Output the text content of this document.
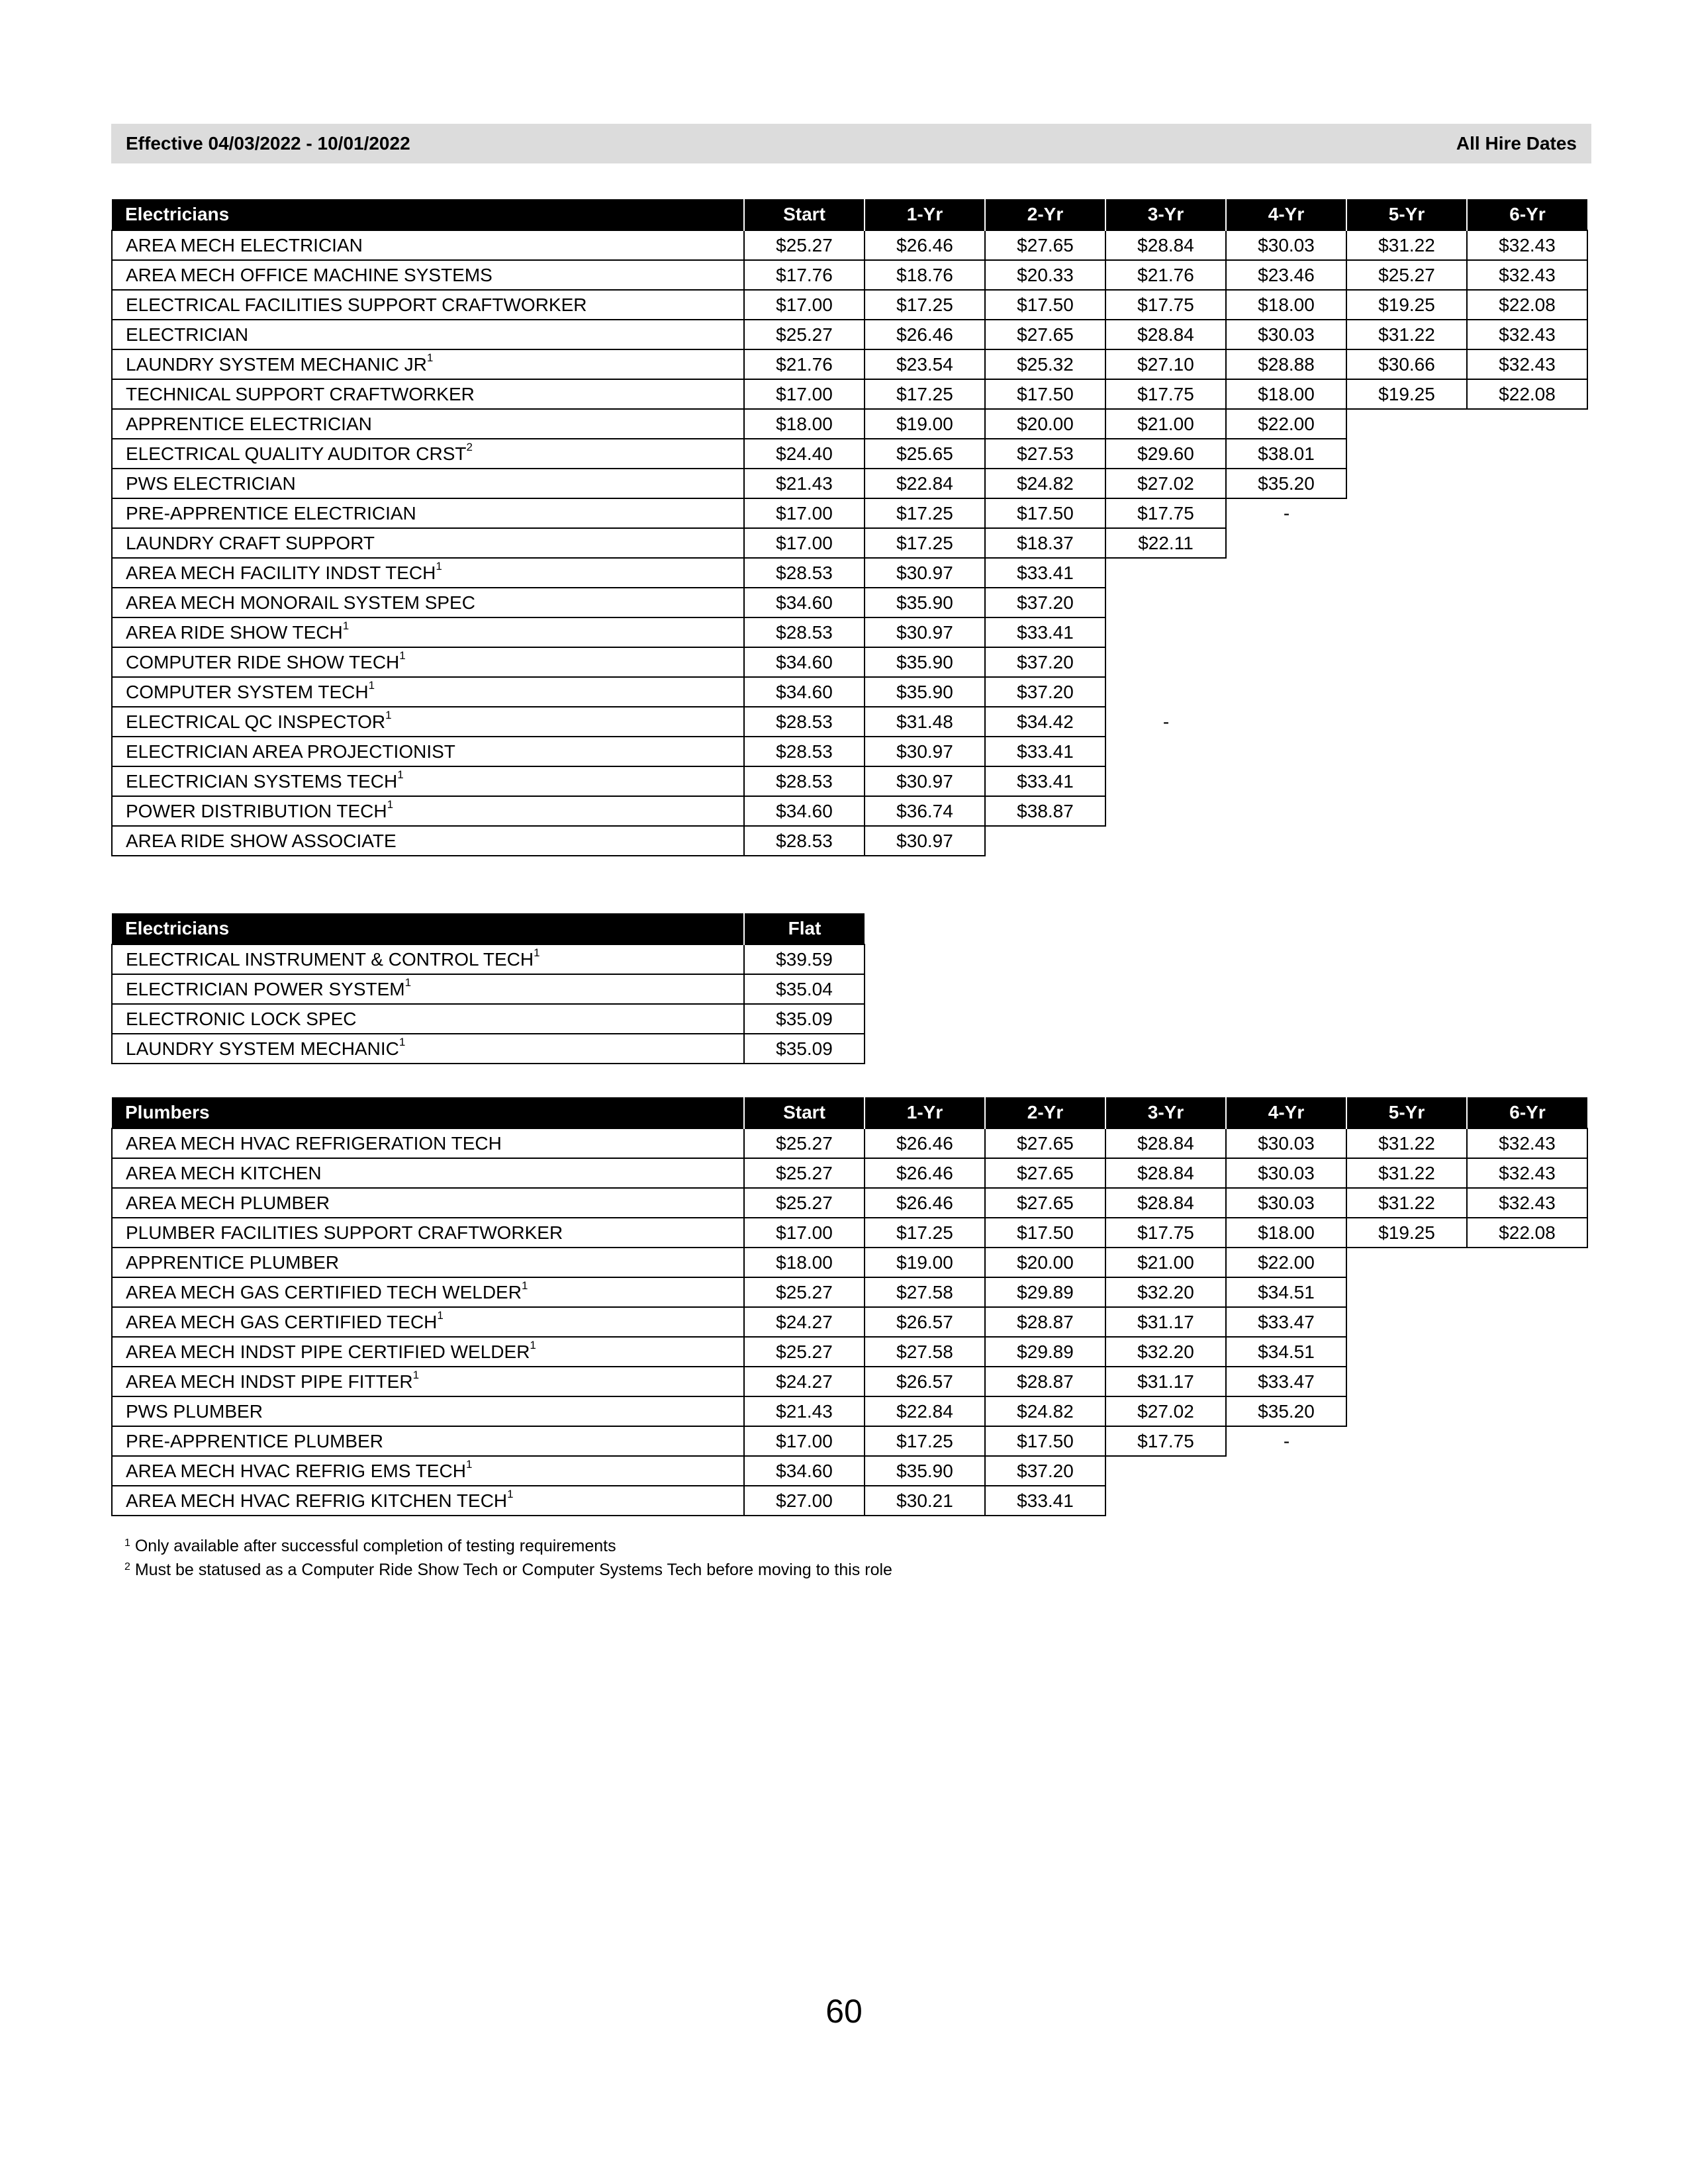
Effective 04/03/2022 - 10/01/2022	All Hire Dates
Electricians	Start	1-Yr	2-Yr	3-Yr	4-Yr	5-Yr	6-Yr
AREA MECH ELECTRICIAN	$25.27	$26.46	$27.65	$28.84	$30.03	$31.22	$32.43
AREA MECH OFFICE MACHINE SYSTEMS	$17.76	$18.76	$20.33	$21.76	$23.46	$25.27	$32.43
ELECTRICAL FACILITIES SUPPORT CRAFTWORKER	$17.00	$17.25	$17.50	$17.75	$18.00	$19.25	$22.08
ELECTRICIAN	$25.27	$26.46	$27.65	$28.84	$30.03	$31.22	$32.43
LAUNDRY SYSTEM MECHANIC $JR^1$	$21.76	$23.54	$25.32	$27.10	$28.88	$30.66	$32.43
TECHNICAL SUPPORT CRAFTWORKER	$17.00	$17.25	$17.50	$17.75	$18.00	$19.25	$22.08
APPRENTICE ELECTRICIAN	$18.00	$19.00	$20.00	$21.00	$22.00		
ELECTRICAL QUALITY AUDITOR CRST$^2$	$24.40	$25.65	$27.53	$29.60	$38.01		
PWS ELECTRICIAN	$21.43	$22.84	$24.82	$27.02	$35.20		
PRE-APPRENTICE ELECTRICIAN	$17.00	$17.25	$17.50	$17.75	-		
LAUNDRY CRAFT SUPPORT	$17.00	$17.25	$18.37	$22.11			
AREA MECH FACILITY INDST TECH$^1$	$28.53	$30.97	$33.41				
AREA MECH MONORAIL SYSTEM SPEC	$34.60	$35.90	$37.20				
AREA RIDE SHOW TECH$^1$	$28.53	$30.97	$33.41				
COMPUTER RIDE SHOW TECH$^1$	$34.60	$35.90	$37.20				
COMPUTER SYSTEM TECH$^1$	$34.60	$35.90	$37.20				
ELECTRICAL QC INSPECTOR$^1$	$28.53	$31.48	$34.42	-			
ELECTRICIAN AREA PROJECTIONIST	$28.53	$30.97	$33.41				
ELECTRICIAN SYSTEMS TECH$^1$	$28.53	$30.97	$33.41				
POWER DISTRIBUTION TECH$^1$	$34.60	$36.74	$38.87				
AREA RIDE SHOW ASSOCIATE	$28.53	$30.97					
Electricians	Flat
ELECTRICAL INSTRUMENT & CONTROL TECH$^1$	$39.59
ELECTRICIAN POWER SYSTEM$^1$	$35.04
ELECTRONIC LOCK SPEC	$35.09
LAUNDRY SYSTEM MECHANIC$^1$	$35.09
Plumbers	Start	1-Yr	2-Yr	3-Yr	4-Yr	5-Yr	6-Yr
AREA MECH HVAC REFRIGERATION TECH	$25.27	$26.46	$27.65	$28.84	$30.03	$31.22	$32.43
AREA MECH KITCHEN	$25.27	$26.46	$27.65	$28.84	$30.03	$31.22	$32.43
AREA MECH PLUMBER	$25.27	$26.46	$27.65	$28.84	$30.03	$31.22	$32.43
PLUMBER FACILITIES SUPPORT CRAFTWORKER	$17.00	$17.25	$17.50	$17.75	$18.00	$19.25	$22.08
APPRENTICE PLUMBER	$18.00	$19.00	$20.00	$21.00	$22.00		
AREA MECH GAS CERTIFIED TECH WELDER$^1$	$25.27	$27.58	$29.89	$32.20	$34.51		
AREA MECH GAS CERTIFIED TECH$^1$	$24.27	$26.57	$28.87	$31.17	$33.47		
AREA MECH INDST PIPE CERTIFIED WELDER$^1$	$25.27	$27.58	$29.89	$32.20	$34.51		
AREA MECH INDST PIPE FITTER$^1$	$24.27	$26.57	$28.87	$31.17	$33.47		
PWS PLUMBER	$21.43	$22.84	$24.82	$27.02	$35.20		
PRE-APPRENTICE PLUMBER	$17.00	$17.25	$17.50	$17.75	-		
AREA MECH HVAC REFRIG EMS TECH$^1$	$34.60	$35.90	$37.20				
AREA MECH HVAC REFRIG KITCHEN TECH$^1$	$27.00	$30.21	$33.41				
$^1$ Only available after successful completion of testing requirements
$^2$ Must be statused as a Computer Ride Show Tech or Computer Systems Tech before moving to this role
60
